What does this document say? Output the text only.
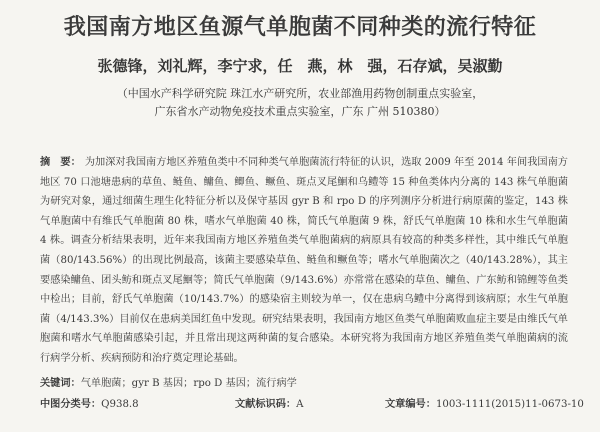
我国南方地区鱼源气单胞菌不同种类的流行特征
张德锋，刘礼辉，李宁求，任　燕，林　强，石存斌，吴淑勤
（中国水产科学研究院 珠江水产研究所，农业部渔用药物创制重点实验室，
广东省水产动物免疫技术重点实验室，广东 广州 510380）
摘　要： 为加深对我国南方地区养殖鱼类中不同种类气单胞菌流行特征的认识，选取 2009 年至 2014 年间我国南方地区 70 口池塘患病的草鱼、鲢鱼、鳙鱼、鲫鱼、鳜鱼、斑点叉尾鮰和乌鳢等 15 种鱼类体内分离的 143 株气单胞菌为研究对象，通过细菌生理生化特征分析以及保守基因 gyr B 和 rpo D 的序列测序分析进行病原菌的鉴定，143 株气单胞菌中有维氏气单胞菌 80 株，嗜水气单胞菌 40 株，简氏气单胞菌 9 株，舒氏气单胞菌 10 株和水生气单胞菌 4 株。调查分析结果表明，近年来我国南方地区养殖鱼类气单胞菌病的病原具有较高的种类多样性，其中维氏气单胞菌（80/143.56%）的出现比例最高，该菌主要感染草鱼、鲢鱼和鳜鱼等；嗜水气单胞菌次之（40/143.28%），其主要感染鳙鱼、团头鲂和斑点叉尾鮰等；简氏气单胞菌（9/143.6%）亦常常在感染的草鱼、鳙鱼、广东鲂和锦鲤等鱼类中检出；目前，舒氏气单胞菌（10/143.7%）的感染宿主则较为单一，仅在患病乌鳢中分离得到该病原；水生气单胞菌（4/143.3%）目前仅在患病美国红鱼中发现。研究结果表明，我国南方地区鱼类气单胞菌败血症主要是由维氏气单胞菌和嗜水气单胞菌感染引起，并且常出现这两种菌的复合感染。本研究将为我国南方地区养殖鱼类气单胞菌病的流行病学分析、疾病预防和治疗奠定理论基础。
关键词：气单胞菌；gyr B 基因；rpo D 基因；流行病学
中图分类号：Q938.8	文献标识码：A	文章编号：1003-1111(2015)11-0673-10
